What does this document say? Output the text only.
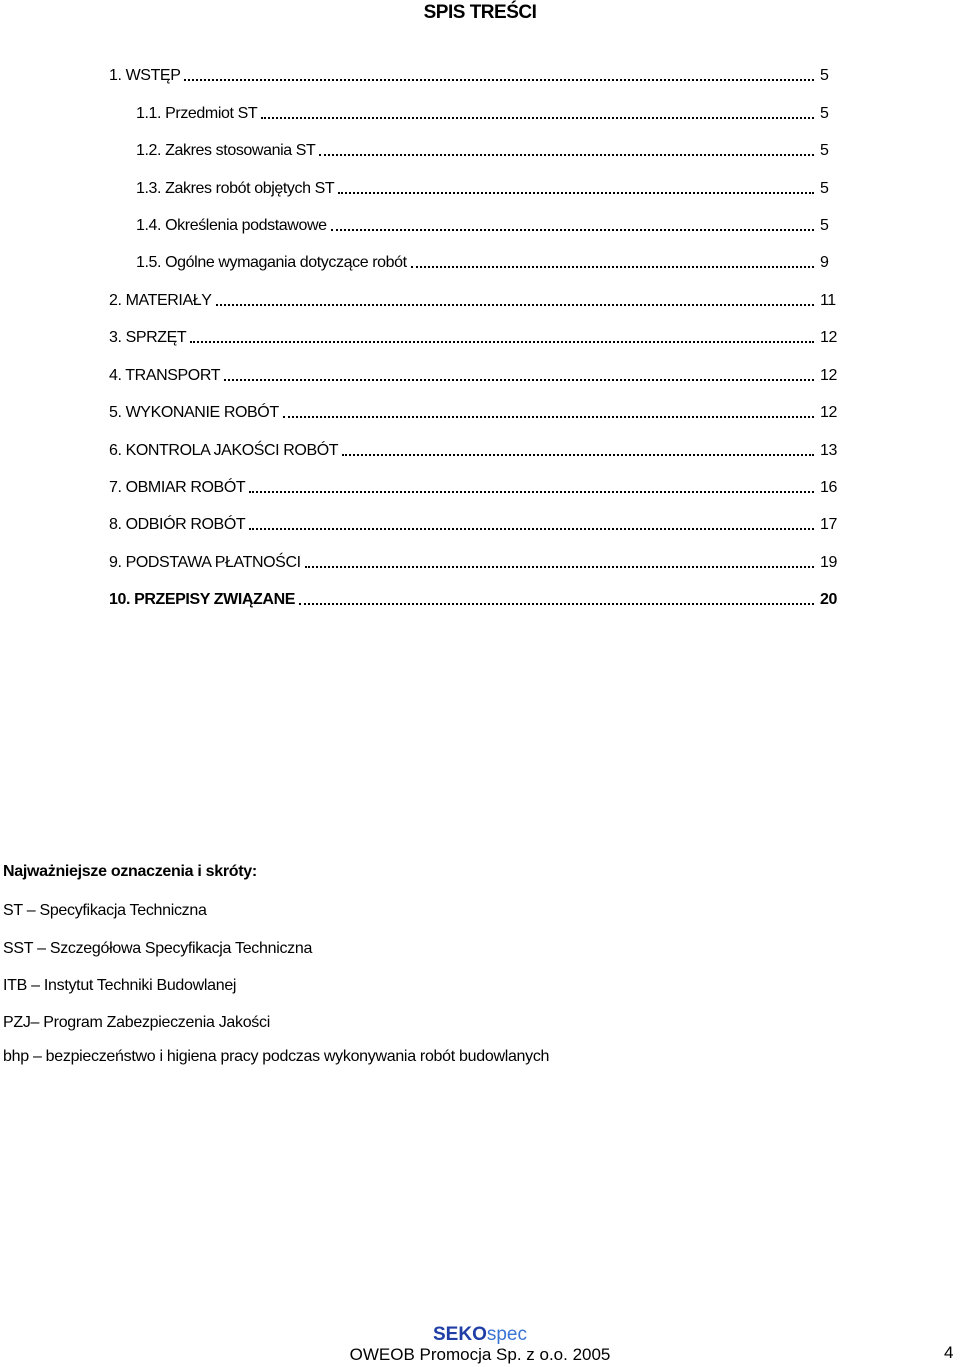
SPIS TREŚCI
1. WSTĘP	5
1.1. Przedmiot ST	5
1.2. Zakres stosowania ST	5
1.3. Zakres robót objętych ST	5
1.4. Określenia podstawowe	5
1.5. Ogólne wymagania dotyczące robót	9
2. MATERIAŁY	11
3. SPRZĘT	12
4. TRANSPORT	12
5. WYKONANIE ROBÓT	12
6. KONTROLA JAKOŚCI ROBÓT	13
7. OBMIAR ROBÓT	16
8. ODBIÓR ROBÓT	17
9. PODSTAWA PŁATNOŚCI	19
10. PRZEPISY ZWIĄZANE	20
Najważniejsze oznaczenia i skróty:
ST – Specyfikacja Techniczna
SST – Szczegółowa Specyfikacja Techniczna
ITB – Instytut Techniki Budowlanej
PZJ– Program Zabezpieczenia Jakości
bhp – bezpieczeństwo i higiena pracy podczas wykonywania robót budowlanych
SEKOspec
OWEOB Promocja Sp. z o.o. 2005	4
